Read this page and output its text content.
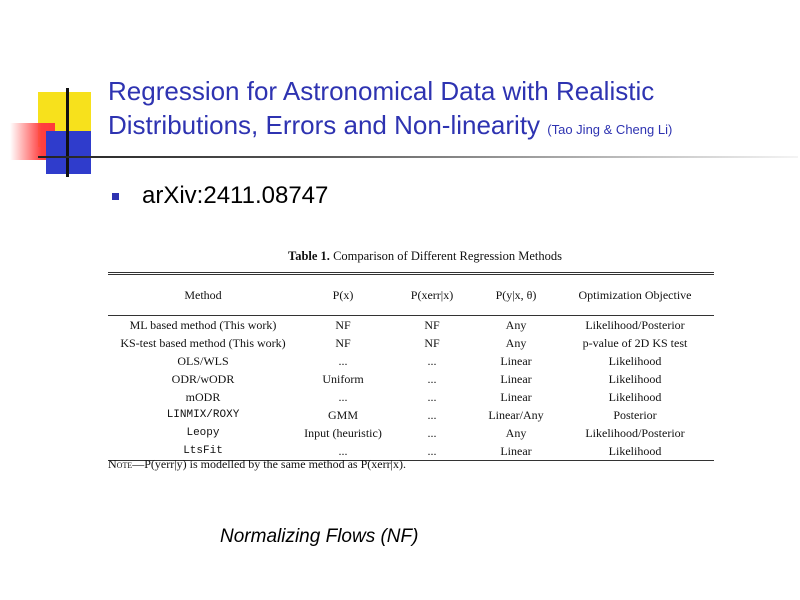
Regression for Astronomical Data with Realistic
Distributions, Errors and Non-linearity (Tao Jing & Cheng Li)
arXiv:2411.08747
Table 1. Comparison of Different Regression Methods
Method	P(x)	P(xerr|x)	P(y|x, θ)	Optimization Objective
ML based method (This work)	NF	NF	Any	Likelihood/Posterior
KS-test based method (This work)	NF	NF	Any	p-value of 2D KS test
OLS/WLS	...	...	Linear	Likelihood
ODR/wODR	Uniform	...	Linear	Likelihood
mODR	...	...	Linear	Likelihood
LINMIX/ROXY	GMM	...	Linear/Any	Posterior
Leopy	Input (heuristic)	...	Any	Likelihood/Posterior
LtsFit	...	...	Linear	Likelihood
Note—P(yerr|y) is modelled by the same method as P(xerr|x).
Normalizing Flows (NF)
